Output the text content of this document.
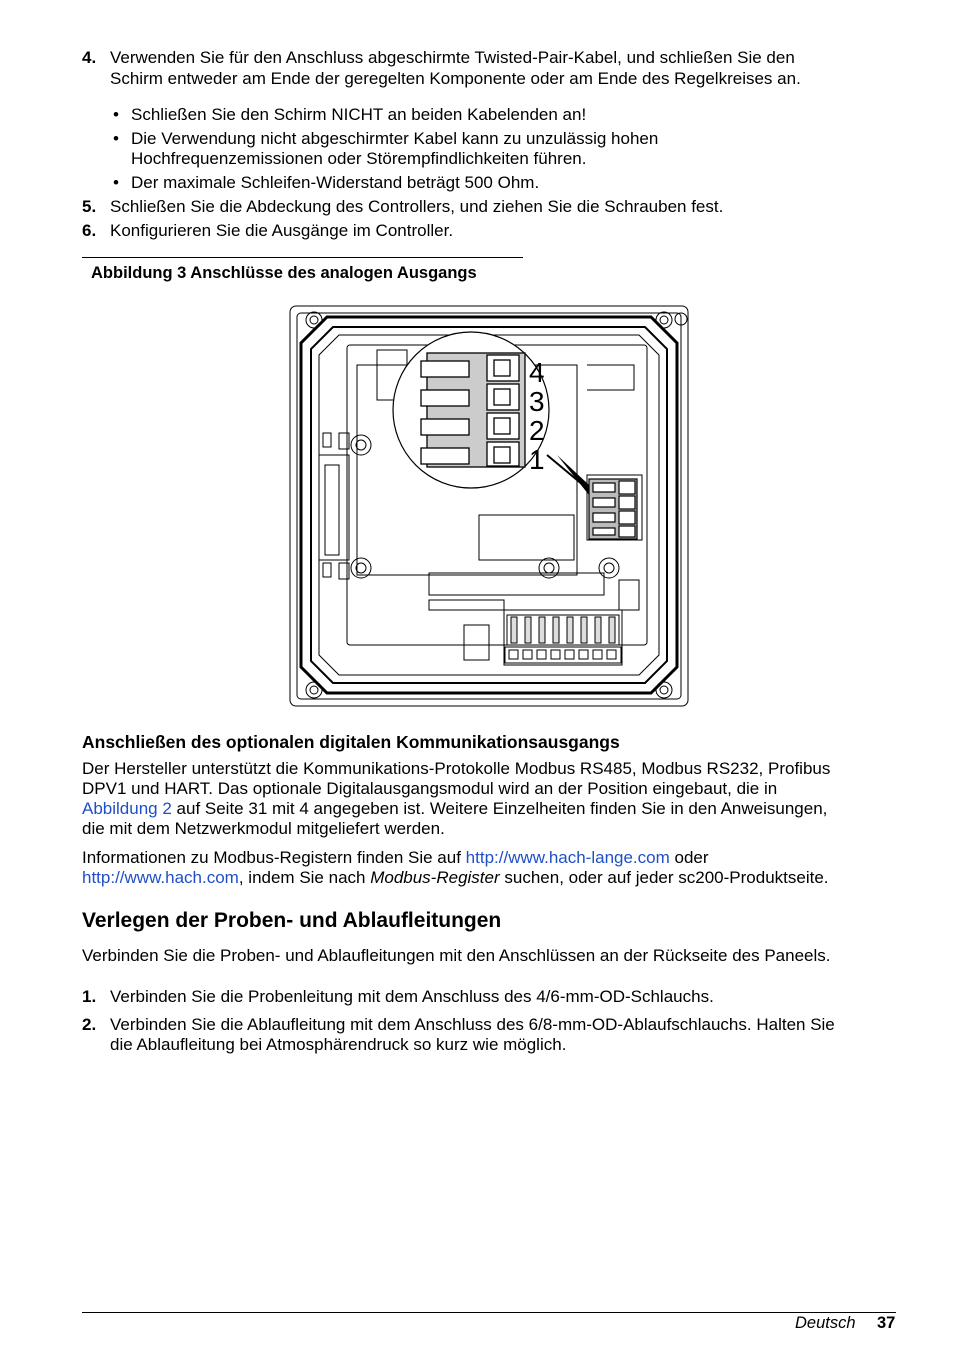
4. Verwenden Sie für den Anschluss abgeschirmte Twisted-Pair-Kabel, und schließen Sie den
Schirm entweder am Ende der geregelten Komponente oder am Ende des Regelkreises an.
• Schließen Sie den Schirm NICHT an beiden Kabelenden an!
• Die Verwendung nicht abgeschirmter Kabel kann zu unzulässig hohen
Hochfrequenzemissionen oder Störempfindlichkeiten führen.
• Der maximale Schleifen-Widerstand beträgt 500 Ohm.
5. Schließen Sie die Abdeckung des Controllers, und ziehen Sie die Schrauben fest.
6. Konfigurieren Sie die Ausgänge im Controller.
Abbildung 3 Anschlüsse des analogen Ausgangs
4
3
2
1
Anschließen des optionalen digitalen Kommunikationsausgangs
Der Hersteller unterstützt die Kommunikations-Protokolle Modbus RS485, Modbus RS232, Profibus
DPV1 und HART. Das optionale Digitalausgangsmodul wird an der Position eingebaut, die in
Abbildung 2 auf Seite 31 mit 4 angegeben ist. Weitere Einzelheiten finden Sie in den Anweisungen,
die mit dem Netzwerkmodul mitgeliefert werden.
Informationen zu Modbus-Registern finden Sie auf http://www.hach-lange.com oder
http://www.hach.com, indem Sie nach Modbus-Register suchen, oder auf jeder sc200-Produktseite.
Verlegen der Proben- und Ablaufleitungen
Verbinden Sie die Proben- und Ablaufleitungen mit den Anschlüssen an der Rückseite des Paneels.
1. Verbinden Sie die Probenleitung mit dem Anschluss des 4/6-mm-OD-Schlauchs.
2. Verbinden Sie die Ablaufleitung mit dem Anschluss des 6/8-mm-OD-Ablaufschlauchs. Halten Sie
die Ablaufleitung bei Atmosphärendruck so kurz wie möglich.
Deutsch 37
